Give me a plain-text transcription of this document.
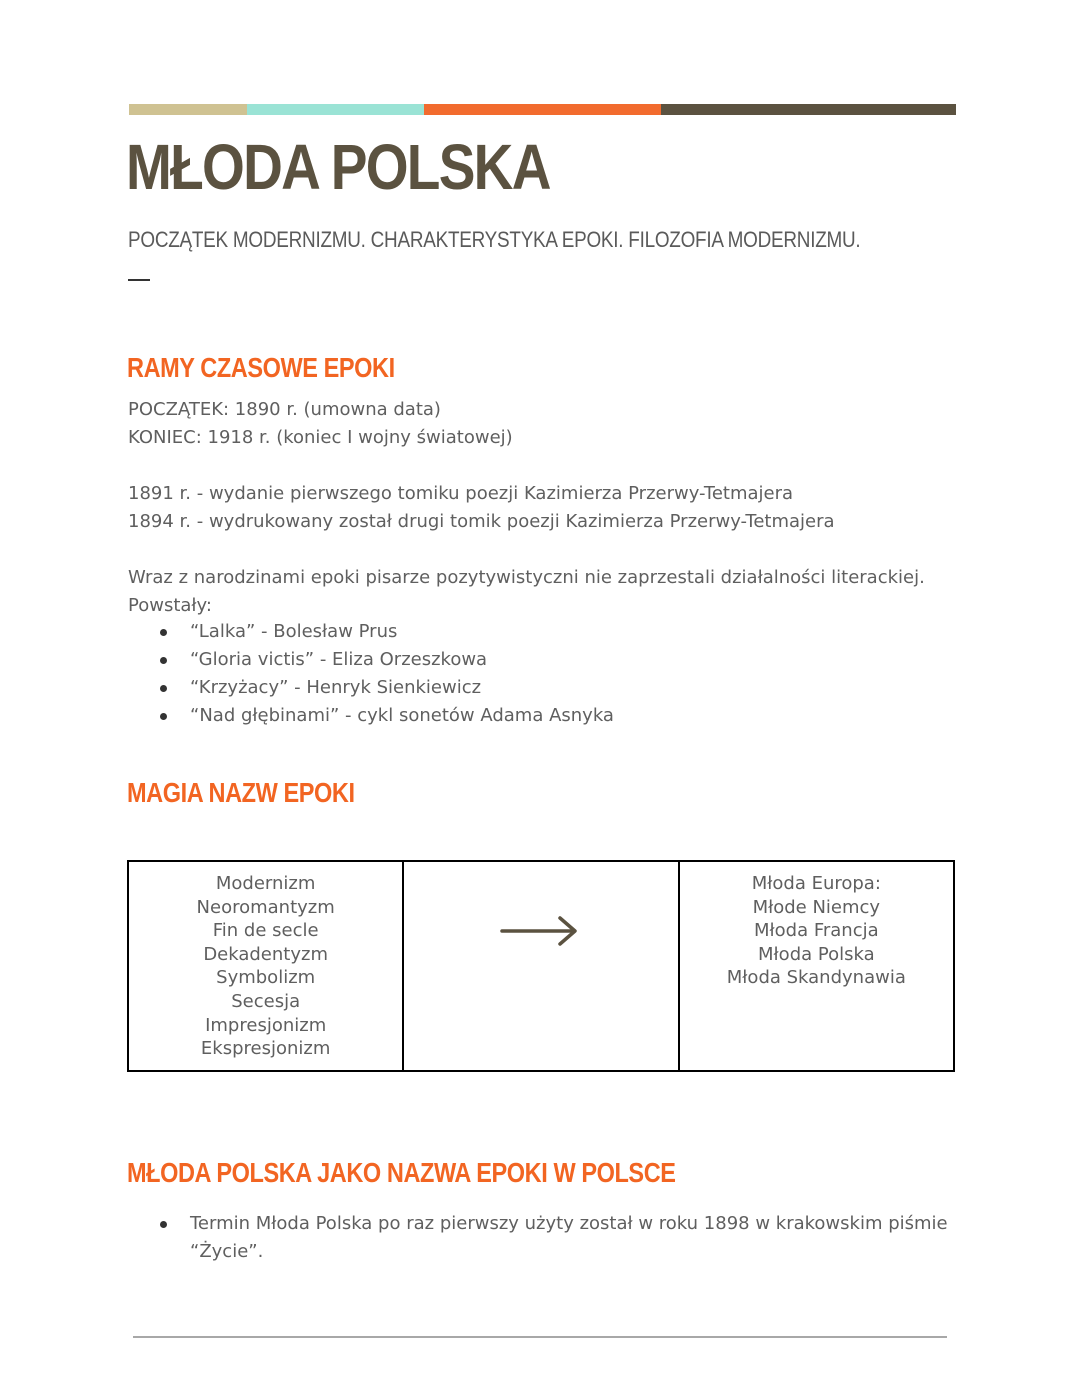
MŁODA POLSKA

POCZĄTEK MODERNIZMU. CHARAKTERYSTYKA EPOKI. FILOZOFIA MODERNIZMU.

RAMY CZASOWE EPOKI

POCZĄTEK: 1890 r. (umowna data)

KONIEC: 1918 r. (koniec I wojny światowej)

1891 r. - wydanie pierwszego tomiku poezji Kazimierza Przerwy-Tetmajera

1894 r. - wydrukowany został drugi tomik poezji Kazimierza Przerwy-Tetmajera

Wraz z narodzinami epoki pisarze pozytywistyczni nie zaprzestali działalności literackiej.

Powstały:

“Lalka” - Bolesław Prus
“Gloria victis” - Eliza Orzeszkowa
“Krzyżacy” - Henryk Sienkiewicz
“Nad głębinami” - cykl sonetów Adama Asnyka
MAGIA NAZW EPOKI
Modernizm
Neoromantyzm
Fin de secle
Dekadentyzm
Symbolizm
Secesja
Impresjonizm
Ekspresjonizm
Młoda Europa:
Młode Niemcy
Młoda Francja
Młoda Polska
Młoda Skandynawia
MŁODA POLSKA JAKO NAZWA EPOKI W POLSCE
Termin Młoda Polska po raz pierwszy użyty został w roku 1898 w krakowskim piśmie “Życie”.
